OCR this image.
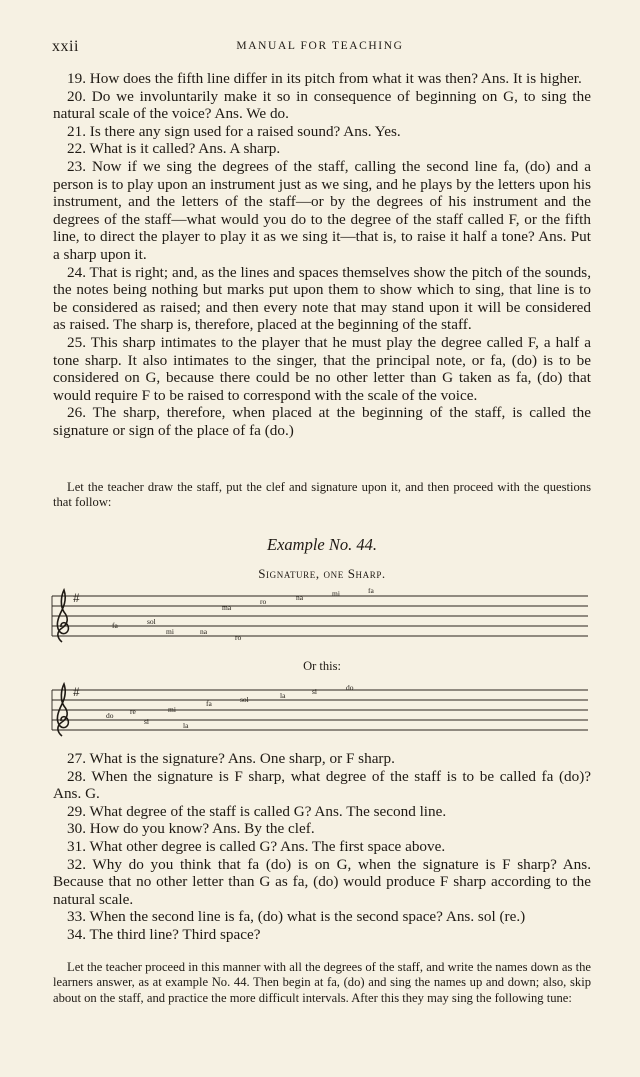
xxii	MANUAL FOR TEACHING

19. How does the fifth line differ in its pitch from what it was then? Ans. It is higher.

20. Do we involuntarily make it so in consequence of beginning on G, to sing the natural scale of the voice? Ans. We do.

21. Is there any sign used for a raised sound? Ans. Yes.

22. What is it called? Ans. A sharp.

23. Now if we sing the degrees of the staff, calling the second line fa, (do) and a person is to play upon an instrument just as we sing, and he plays by the letters upon his instrument, and the letters of the staff—or by the degrees of his instrument and the degrees of the staff—what would you do to the degree of the staff called F, or the fifth line, to direct the player to play it as we sing it—that is, to raise it half a tone? Ans. Put a sharp upon it.

24. That is right; and, as the lines and spaces themselves show the pitch of the sounds, the notes being nothing but marks put upon them to show which to sing, that line is to be considered as raised; and then every note that may stand upon it will be considered as raised. The sharp is, therefore, placed at the beginning of the staff.

25. This sharp intimates to the player that he must play the degree called F, a half a tone sharp. It also intimates to the singer, that the principal note, or fa, (do) is to be considered on G, because there could be no other letter than G taken as fa, (do) that would require F to be raised to correspond with the scale of the voice.

26. The sharp, therefore, when placed at the beginning of the staff, is called the signature or sign of the place of fa (do.)

Let the teacher draw the staff, put the clef and signature upon it, and then proceed with the questions that follow:

Example No. 44.
Signature, one Sharp.
#
fa	sol
mi	na
ma
ro
ro	na	mi	fa
Or this:
#
do re
si
mi
la
fa	sol	la	si	do

27. What is the signature? Ans. One sharp, or F sharp.

28. When the signature is F sharp, what degree of the staff is to be called fa (do)? Ans. G.

29. What degree of the staff is called G? Ans. The second line.

30. How do you know? Ans. By the clef.

31. What other degree is called G? Ans. The first space above.

32. Why do you think that fa (do) is on G, when the signature is F sharp? Ans. Because that no other letter than G as fa, (do) would produce F sharp according to the natural scale.

33. When the second line is fa, (do) what is the second space? Ans. sol (re.)

34. The third line? Third space?

Let the teacher proceed in this manner with all the degrees of the staff, and write the names down as the learners answer, as at example No. 44. Then begin at fa, (do) and sing the names up and down; also, skip about on the staff, and practice the more difficult intervals. After this they may sing the following tune:
